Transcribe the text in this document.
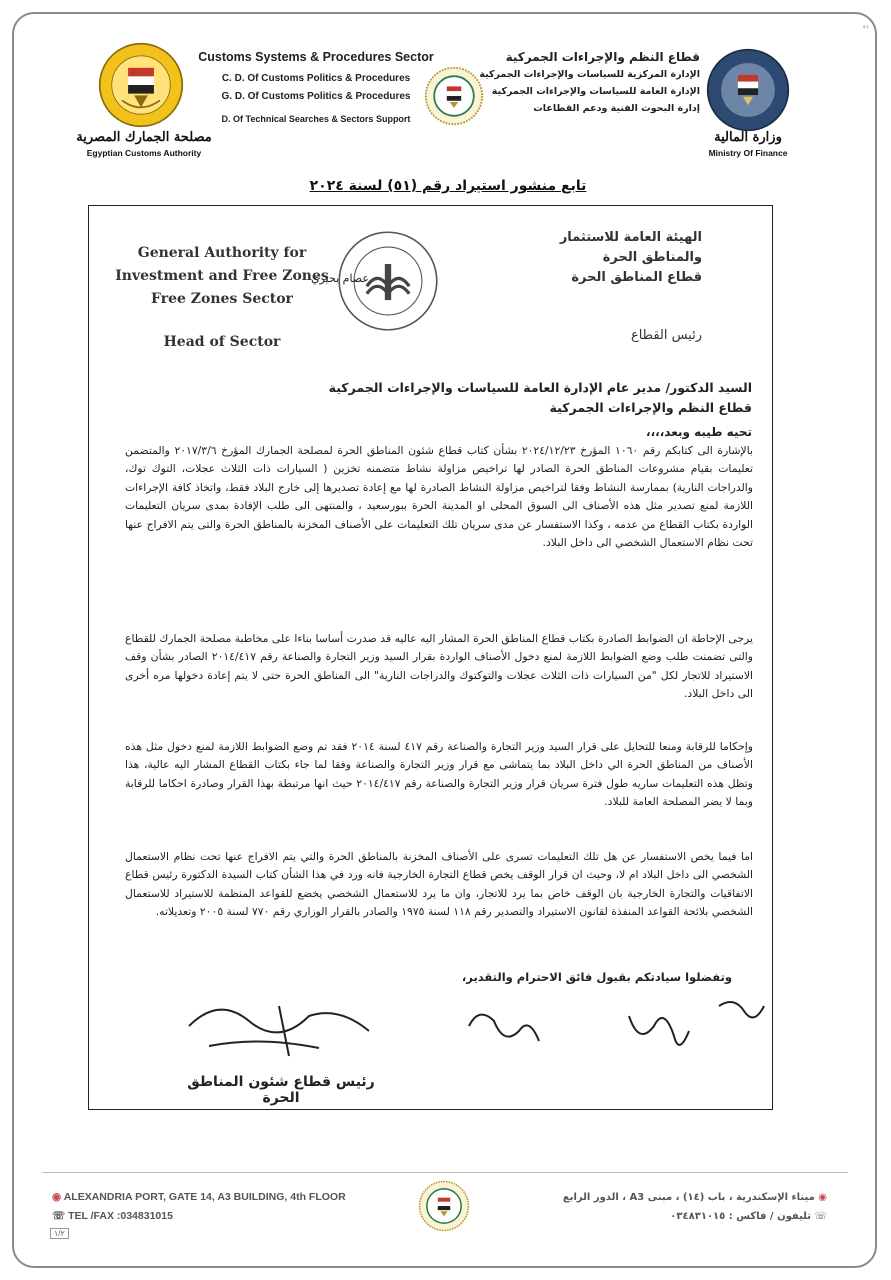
‹‹
مصلحة الجمارك المصرية
Egyptian Customs Authority
Customs Systems & Procedures Sector
C. D. Of Customs Politics & Procedures
G. D. Of Customs Politics & Procedures
D. Of Technical Searches & Sectors Support
قطاع النظم والإجراءات الجمركية
الإدارة المركزية للسياسات والإجراءات الجمركية
الإدارة العامة للسياسات والإجراءات الجمركية
إدارة البحوث الفنية ودعم القطاعات
وزارة المالية
Ministry Of Finance
تابع منشور استيراد رقم (٥١) لسنة ٢٠٢٤
General Authority for
Investment and Free Zones
Free Zones Sector
Head of Sector
الهيئة العامة للاستثمار
والمناطق الحرة
قطاع المناطق الحرة
رئيس القطاع
السيد الدكتور/ مدير عام الإدارة العامة للسياسات والإجراءات الجمركية
قطاع النظم والإجراءات الجمركية
تحيه طيبه وبعد،،،،
بالإشارة الى كتابكم رقم ١٠٦٠ المؤرخ ٢٠٢٤/١٢/٢٣ بشأن كتاب قطاع شئون المناطق الحرة لمصلحة الجمارك المؤرخ ٢٠١٧/٣/٦ والمتضمن تعليمات بقيام مشروعات المناطق الحرة الصادر لها تراخيص مزاولة نشاط متضمنه تخزين ( السيارات ذات الثلاث عجلات، التوك توك، والدراجات النارية) بممارسة النشاط وفقا لتراخيص مزاولة النشاط الصادرة لها مع إعادة تصديرها إلى خارج البلاد فقط، واتخاذ كافة الإجراءات اللازمة لمنع تصدير مثل هذه الأصناف الى السوق المحلى او المدينة الحرة ببورسعيد ، والمنتهى الى طلب الإفادة بمدى سريان التعليمات الواردة بكتاب القطاع من عدمه ، وكذا الاستفسار عن مدى سريان تلك التعليمات على الأصناف المخزنة بالمناطق الحرة والتى يتم الافراج عنها تحت نظام الاستعمال الشخصي الى داخل البلاد.
يرجى الإحاطة ان الضوابط الصادرة بكتاب قطاع المناطق الحرة المشار اليه عاليه قد صدرت أساسا بناءا على مخاطبة مصلحة الجمارك للقطاع والتى تضمنت طلب وضع الضوابط اللازمة لمنع دخول الأصناف الواردة بقرار السيد وزير التجارة والصناعة رقم ٢٠١٤/٤١٧ الصادر بشأن وقف الاستيراد للاتجار لكل "من السيارات ذات الثلاث عجلات والتوكتوك والدراجات النارية" الى المناطق الحرة حتى لا يتم إعادة دخولها مره أخرى الى داخل البلاد.
وإحكاما للرقابة ومنعا للتحايل على قرار السيد وزير التجارة والصناعة رقم ٤١٧ لسنة ٢٠١٤ فقد تم وضع الضوابط اللازمة لمنع دخول مثل هذه الأصناف من المناطق الحرة الي داخل البلاد بما يتماشى مع قرار وزير التجارة والصناعة وفقا لما جاء بكتاب القطاع المشار اليه عالية، هذا وتظل هذه التعليمات ساريه طول فترة سريان قرار وزير التجارة والصناعة رقم ٢٠١٤/٤١٧ حيث انها مرتبطة بهذا القرار وصادرة احكاما للرقابة وبما لا يضر المصلحة العامة للبلاد.
اما فيما يخص الاستفسار عن هل تلك التعليمات تسرى على الأصناف المخزنة بالمناطق الحرة والتي يتم الافراج عنها تحت نظام الاستعمال الشخصي الى داخل البلاد ام لا، وحيث ان قرار الوقف يخص قطاع التجارة الخارجية فانه ورد في هذا الشأن كتاب السيدة الدكتورة رئيس قطاع الاتفاقيات والتجارة الخارجية بان الوقف خاص بما يرد للاتجار، وان ما يرد للاستعمال الشخصي يخضع للقواعد المنظمة للاستيراد للاستعمال الشخصي بلائحة القواعد المنفذة لقانون الاستيراد والتصدير رقم ١١٨ لسنة ١٩٧٥ والصادر بالقرار الوزاري رقم ٧٧٠ لسنة ٢٠٠٥ وتعديلاته.
وتفضلوا سيادتكم بقبول فائق الاحترام والتقدير،
عصام بحيري
رئيس قطاع شئون المناطق الحرة
◉ ALEXANDRIA PORT, GATE 14, A3 BUILDING, 4th FLOOR
☏ TEL /FAX :034831015
◉ ميناء الإسكندرية ، باب (١٤) ، مبنى A3 ، الدور الرابع
☏ تليفون / فاكس : ٠٣٤٨٣١٠١٥
١/٢
